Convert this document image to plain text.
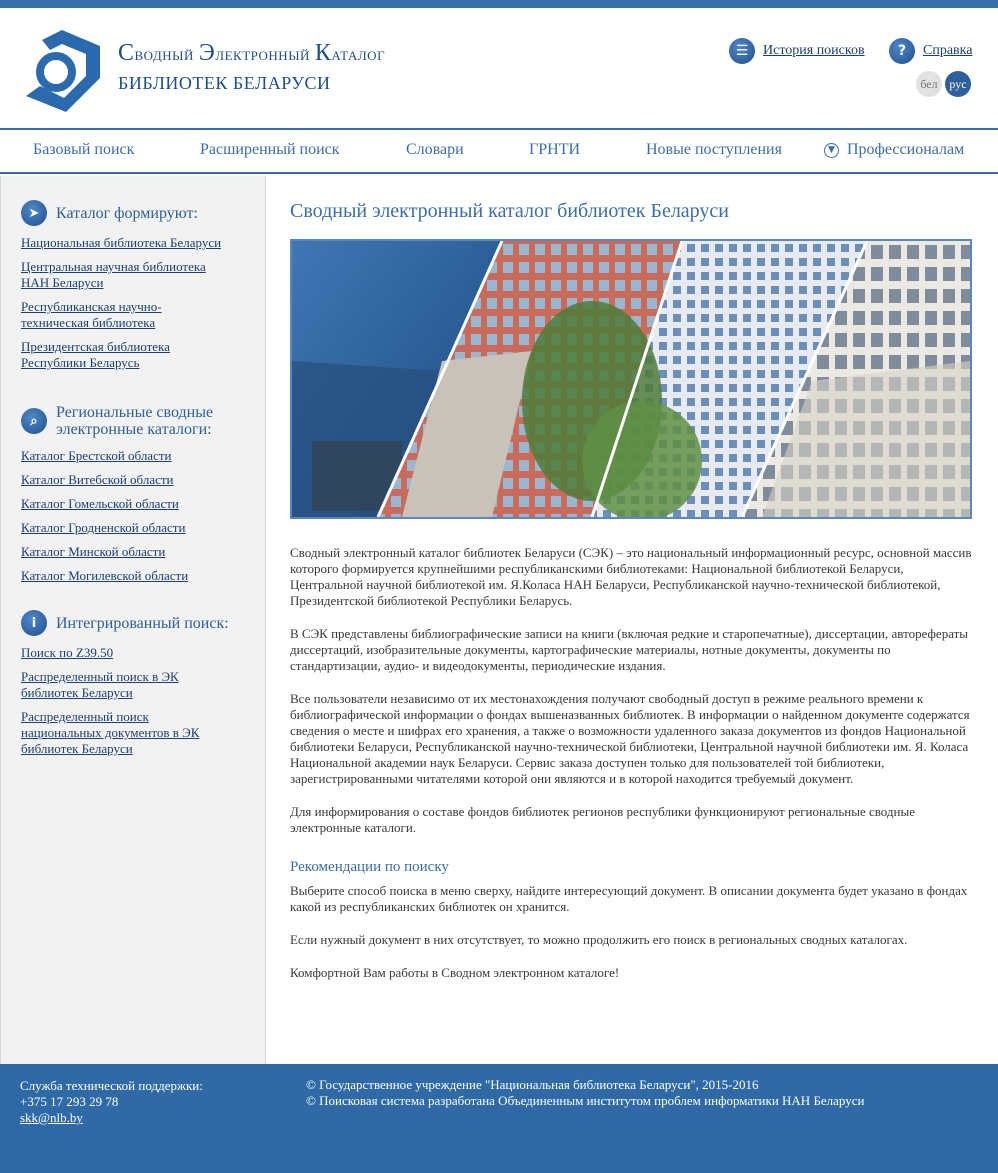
Сводный Электронный Каталог
БИБЛИОТЕК БЕЛАРУСИ
☰	История поисков	?	Справка
бел рус
Базовый поиск	Расширенный поиск	Словари	ГРНТИ	Новые поступления	▼ Профессионалам
➤	Каталог формируют:
Национальная библиотека Беларуси
Центральная научная библиотека НАН Беларуси
Республиканская научно-техническая библиотека
Президентская библиотека Республики Беларусь
⌕	Региональные сводные электронные каталоги:
Каталог Брестской области
Каталог Витебской области
Каталог Гомельской области
Каталог Гродненской области
Каталог Минской области
Каталог Могилевской области
i	Интегрированный поиск:
Поиск по Z39.50
Распределенный поиск в ЭК библиотек Беларуси
Распределенный поиск национальных документов в ЭК библиотек Беларуси
Сводный электронный каталог библиотек Беларуси

Сводный электронный каталог библиотек Беларуси (СЭК) – это национальный информационный ресурс, основной массив которого формируется крупнейшими республиканскими библиотеками: Национальной библиотекой Беларуси, Центральной научной библиотекой им. Я.Коласа НАН Беларуси, Республиканской научно-технической библиотекой, Президентской библиотекой Республики Беларусь.

В СЭК представлены библиографические записи на книги (включая редкие и старопечатные), диссертации, авторефераты диссертаций, изобразительные документы, картографические материалы, нотные документы, документы по стандартизации, аудио- и видеодокументы, периодические издания.

Все пользователи независимо от их местонахождения получают свободный доступ в режиме реального времени к библиографической информации о фондах вышеназванных библиотек. В информации о найденном документе содержатся сведения о месте и шифрах его хранения, а также о возможности удаленного заказа документов из фондов Национальной библиотеки Беларуси, Республиканской научно-технической библиотеки, Центральной научной библиотеки им. Я. Коласа Национальной академии наук Беларуси. Сервис заказа доступен только для пользователей той библиотеки, зарегистрированными читателями которой они являются и в которой находится требуемый документ.

Для информирования о составе фондов библиотек регионов республики функционируют региональные сводные электронные каталоги.

Рекомендации по поиску

Выберите способ поиска в меню сверху, найдите интересующий документ. В описании документа будет указано в фондах какой из республиканских библиотек он хранится.

Если нужный документ в них отсутствует, то можно продолжить его поиск в региональных сводных каталогах.

Комфортной Вам работы в Сводном электронном каталоге!

Служба технической поддержки:
+375 17 293 29 78
skk@nlb.by
© Государственное учреждение "Национальная библиотека Беларуси", 2015-2016
© Поисковая система разработана Объединенным институтом проблем информатики НАН Беларуси
